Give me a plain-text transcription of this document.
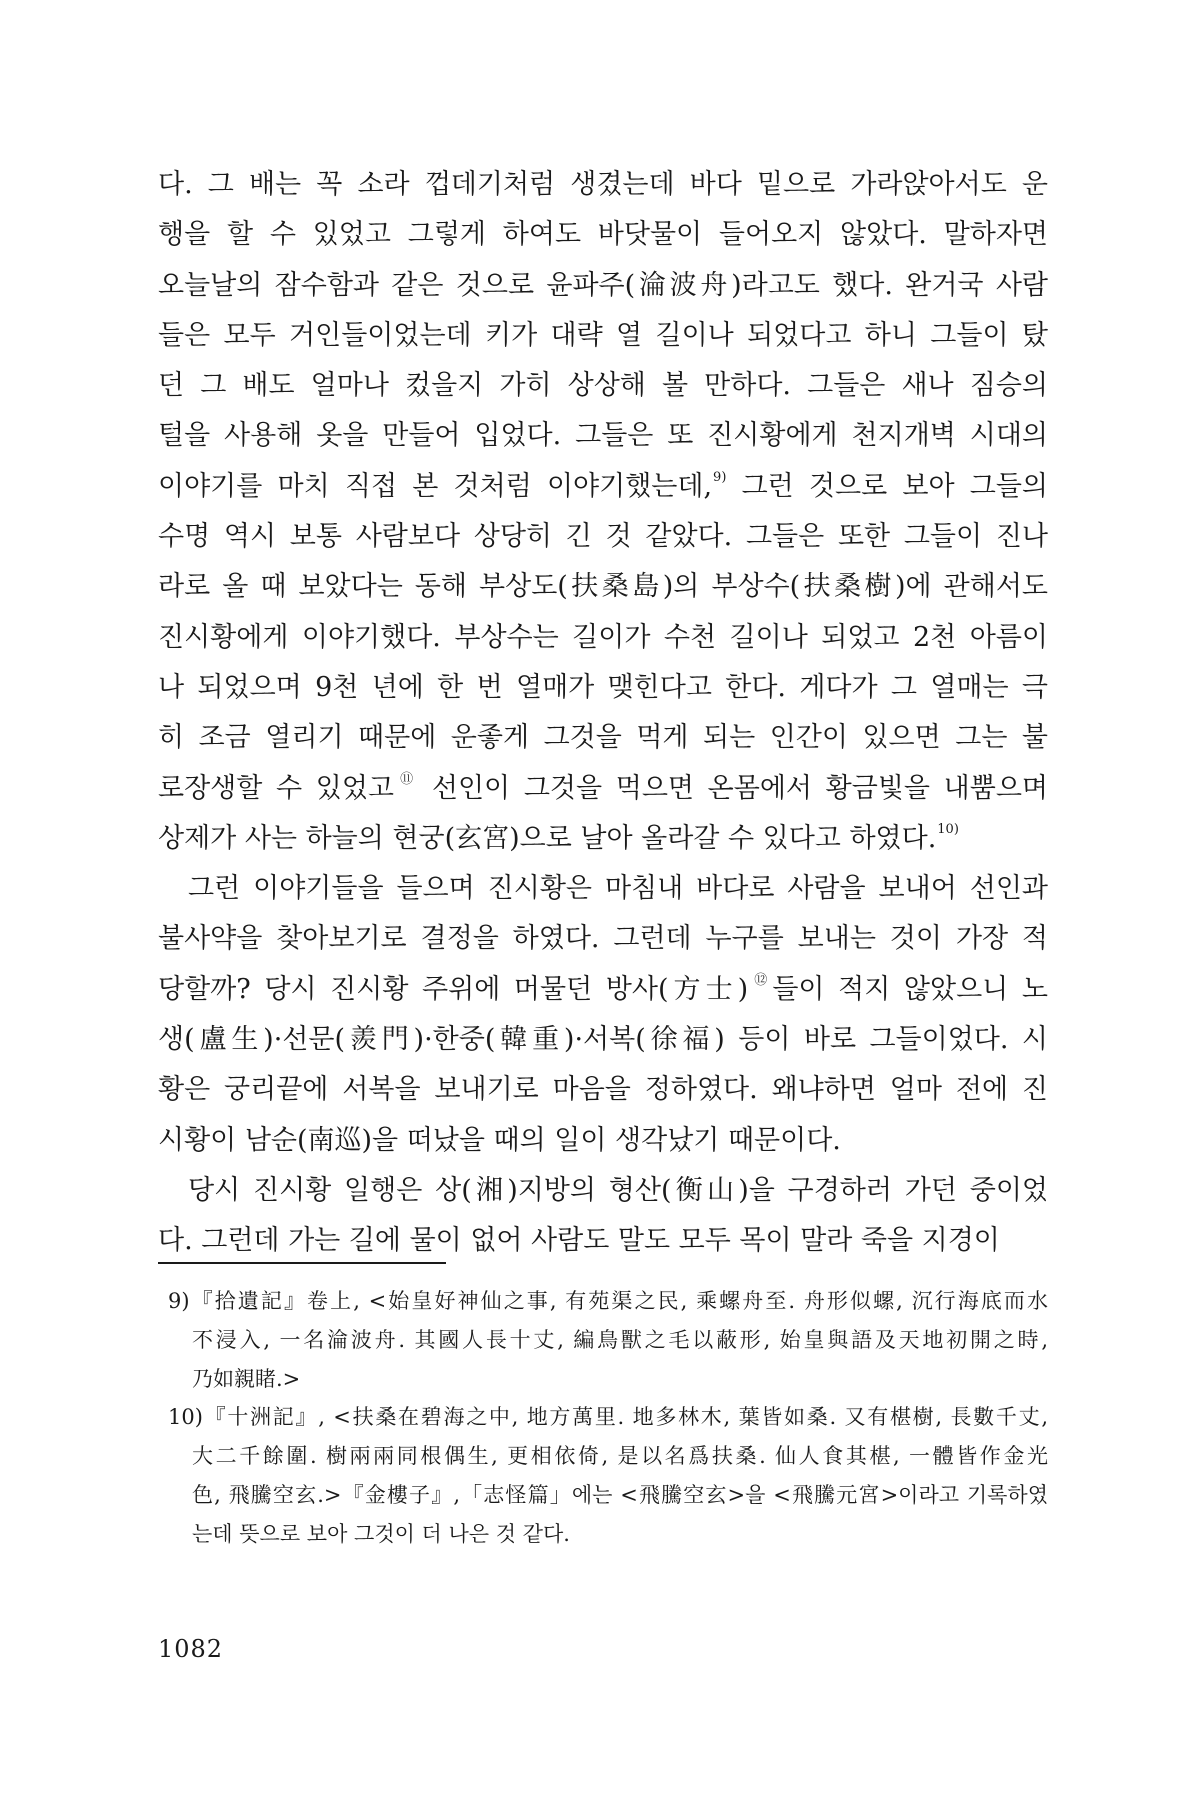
다. 그 배는 꼭 소라 껍데기처럼 생겼는데 바다 밑으로 가라앉아서도 운
행을 할 수 있었고 그렇게 하여도 바닷물이 들어오지 않았다. 말하자면
오늘날의 잠수함과 같은 것으로 윤파주(淪波舟)라고도 했다. 완거국 사람
들은 모두 거인들이었는데 키가 대략 열 길이나 되었다고 하니 그들이 탔
던 그 배도 얼마나 컸을지 가히 상상해 볼 만하다. 그들은 새나 짐승의
털을 사용해 옷을 만들어 입었다. 그들은 또 진시황에게 천지개벽 시대의
이야기를 마치 직접 본 것처럼 이야기했는데,$^{9)}$ 그런 것으로 보아 그들의
수명 역시 보통 사람보다 상당히 긴 것 같았다. 그들은 또한 그들이 진나
라로 올 때 보았다는 동해 부상도(扶桑島)의 부상수(扶桑樹)에 관해서도
진시황에게 이야기했다. 부상수는 길이가 수천 길이나 되었고 2천 아름이
나 되었으며 9천 년에 한 번 열매가 맺힌다고 한다. 게다가 그 열매는 극
히 조금 열리기 때문에 운좋게 그것을 먹게 되는 인간이 있으면 그는 불
로장생할 수 있었고⑪ 선인이 그것을 먹으면 온몸에서 황금빛을 내뿜으며
상제가 사는 하늘의 현궁(玄宮)으로 날아 올라갈 수 있다고 하였다.$^{10)}$
그런 이야기들을 들으며 진시황은 마침내 바다로 사람을 보내어 선인과
불사약을 찾아보기로 결정을 하였다. 그런데 누구를 보내는 것이 가장 적
당할까? 당시 진시황 주위에 머물던 방사(方士)⑫들이 적지 않았으니 노
생(盧生)·선문(羨門)·한중(韓重)·서복(徐福) 등이 바로 그들이었다. 시
황은 궁리끝에 서복을 보내기로 마음을 정하였다. 왜냐하면 얼마 전에 진
시황이 남순(南巡)을 떠났을 때의 일이 생각났기 때문이다.
당시 진시황 일행은 상(湘)지방의 형산(衡山)을 구경하러 가던 중이었
다. 그런데 가는 길에 물이 없어 사람도 말도 모두 목이 말라 죽을 지경이
9)『拾遺記』卷上, <始皇好神仙之事, 有苑渠之民, 乘螺舟至. 舟形似螺, 沉行海底而水
不浸入, 一名淪波舟. 其國人長十丈, 編鳥獸之毛以蔽形, 始皇與語及天地初開之時,
乃如親睹.>
10)『十洲記』, <扶桑在碧海之中, 地方萬里. 地多林木, 葉皆如桑. 又有椹樹, 長數千丈,
大二千餘圍. 樹兩兩同根偶生, 更相依倚, 是以名爲扶桑. 仙人食其椹, 一體皆作金光
色, 飛騰空玄.>『金樓子』,「志怪篇」에는 <飛騰空玄>을 <飛騰元宮>이라고 기록하였
는데 뜻으로 보아 그것이 더 나은 것 같다.
1082
